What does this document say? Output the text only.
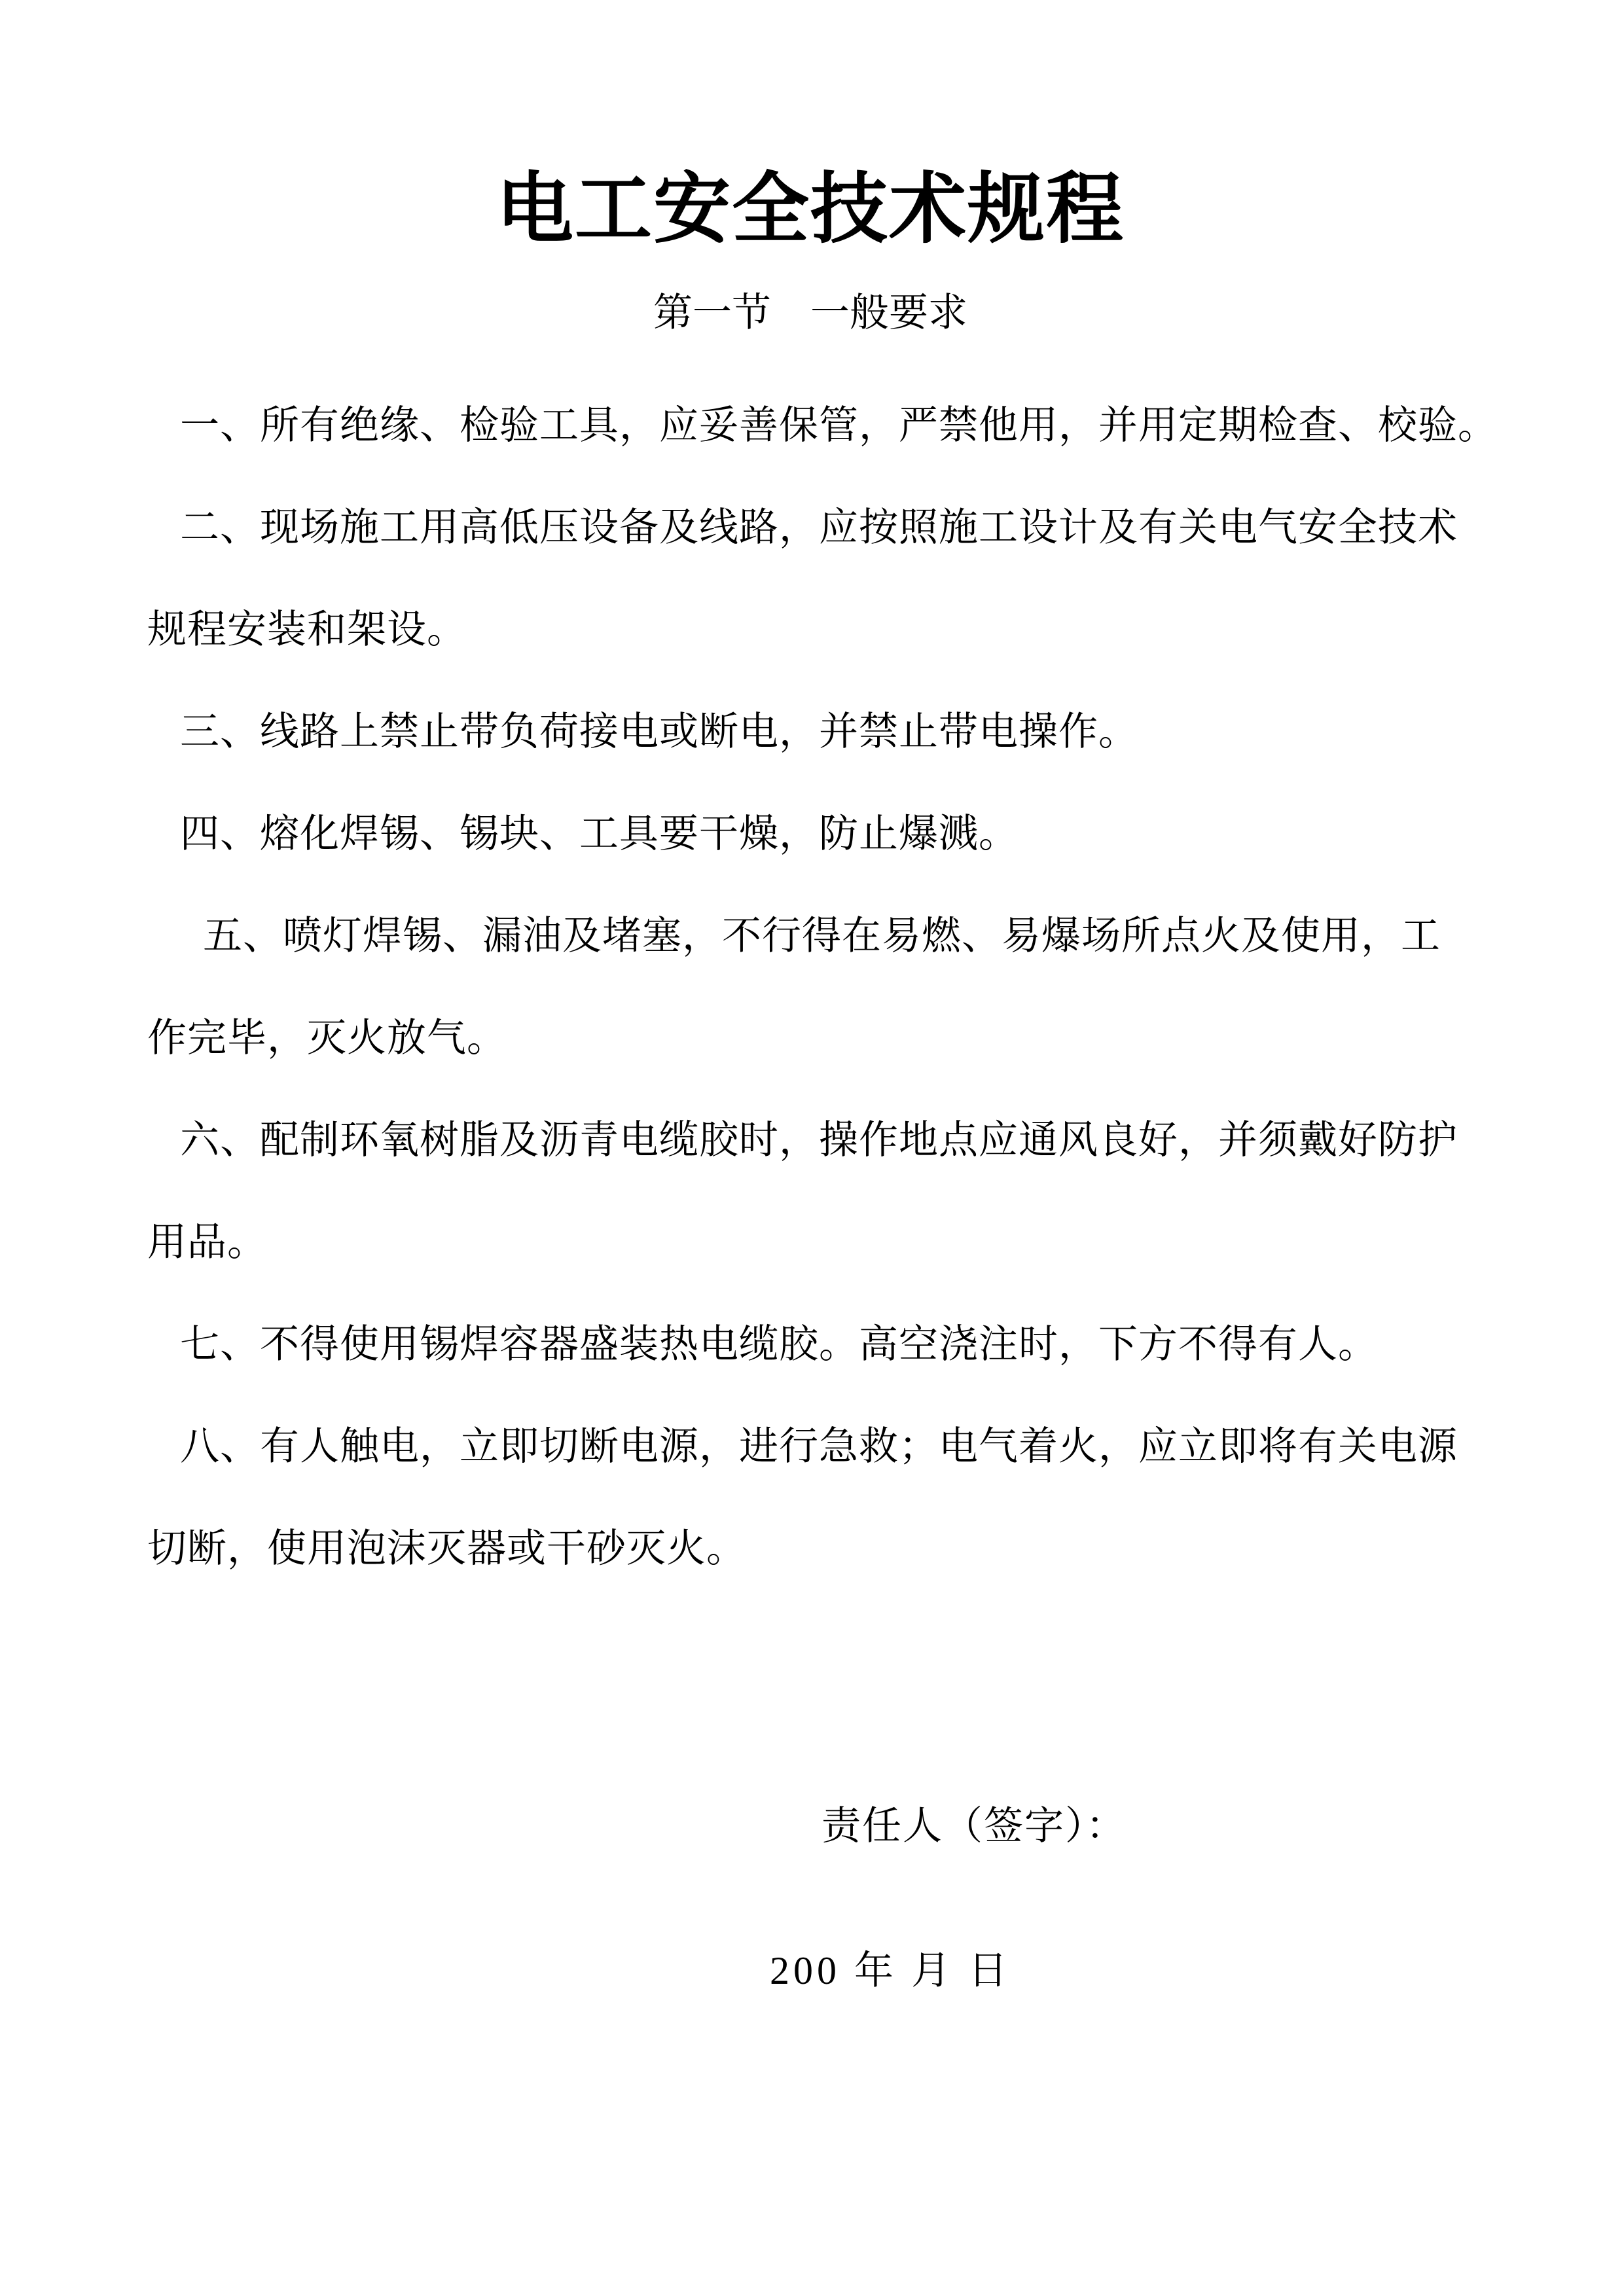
电工安全技术规程
第一节　一般要求

一、所有绝缘、检验工具，应妥善保管，严禁他用，并用定期检查、校验。

二、现场施工用高低压设备及线路，应按照施工设计及有关电气安全技术

规程安装和架设。

三、线路上禁止带负荷接电或断电，并禁止带电操作。

四、熔化焊锡、锡块、工具要干燥，防止爆溅。

五、喷灯焊锡、漏油及堵塞，不行得在易燃、易爆场所点火及使用，工

作完毕，灭火放气。

六、配制环氧树脂及沥青电缆胶时，操作地点应通风良好，并须戴好防护

用品。

七、不得使用锡焊容器盛装热电缆胶。高空浇注时，下方不得有人。

八、有人触电，立即切断电源，进行急救；电气着火，应立即将有关电源

切断，使用泡沫灭器或干砂灭火。

责任人（签字）：

200 年 月 日
